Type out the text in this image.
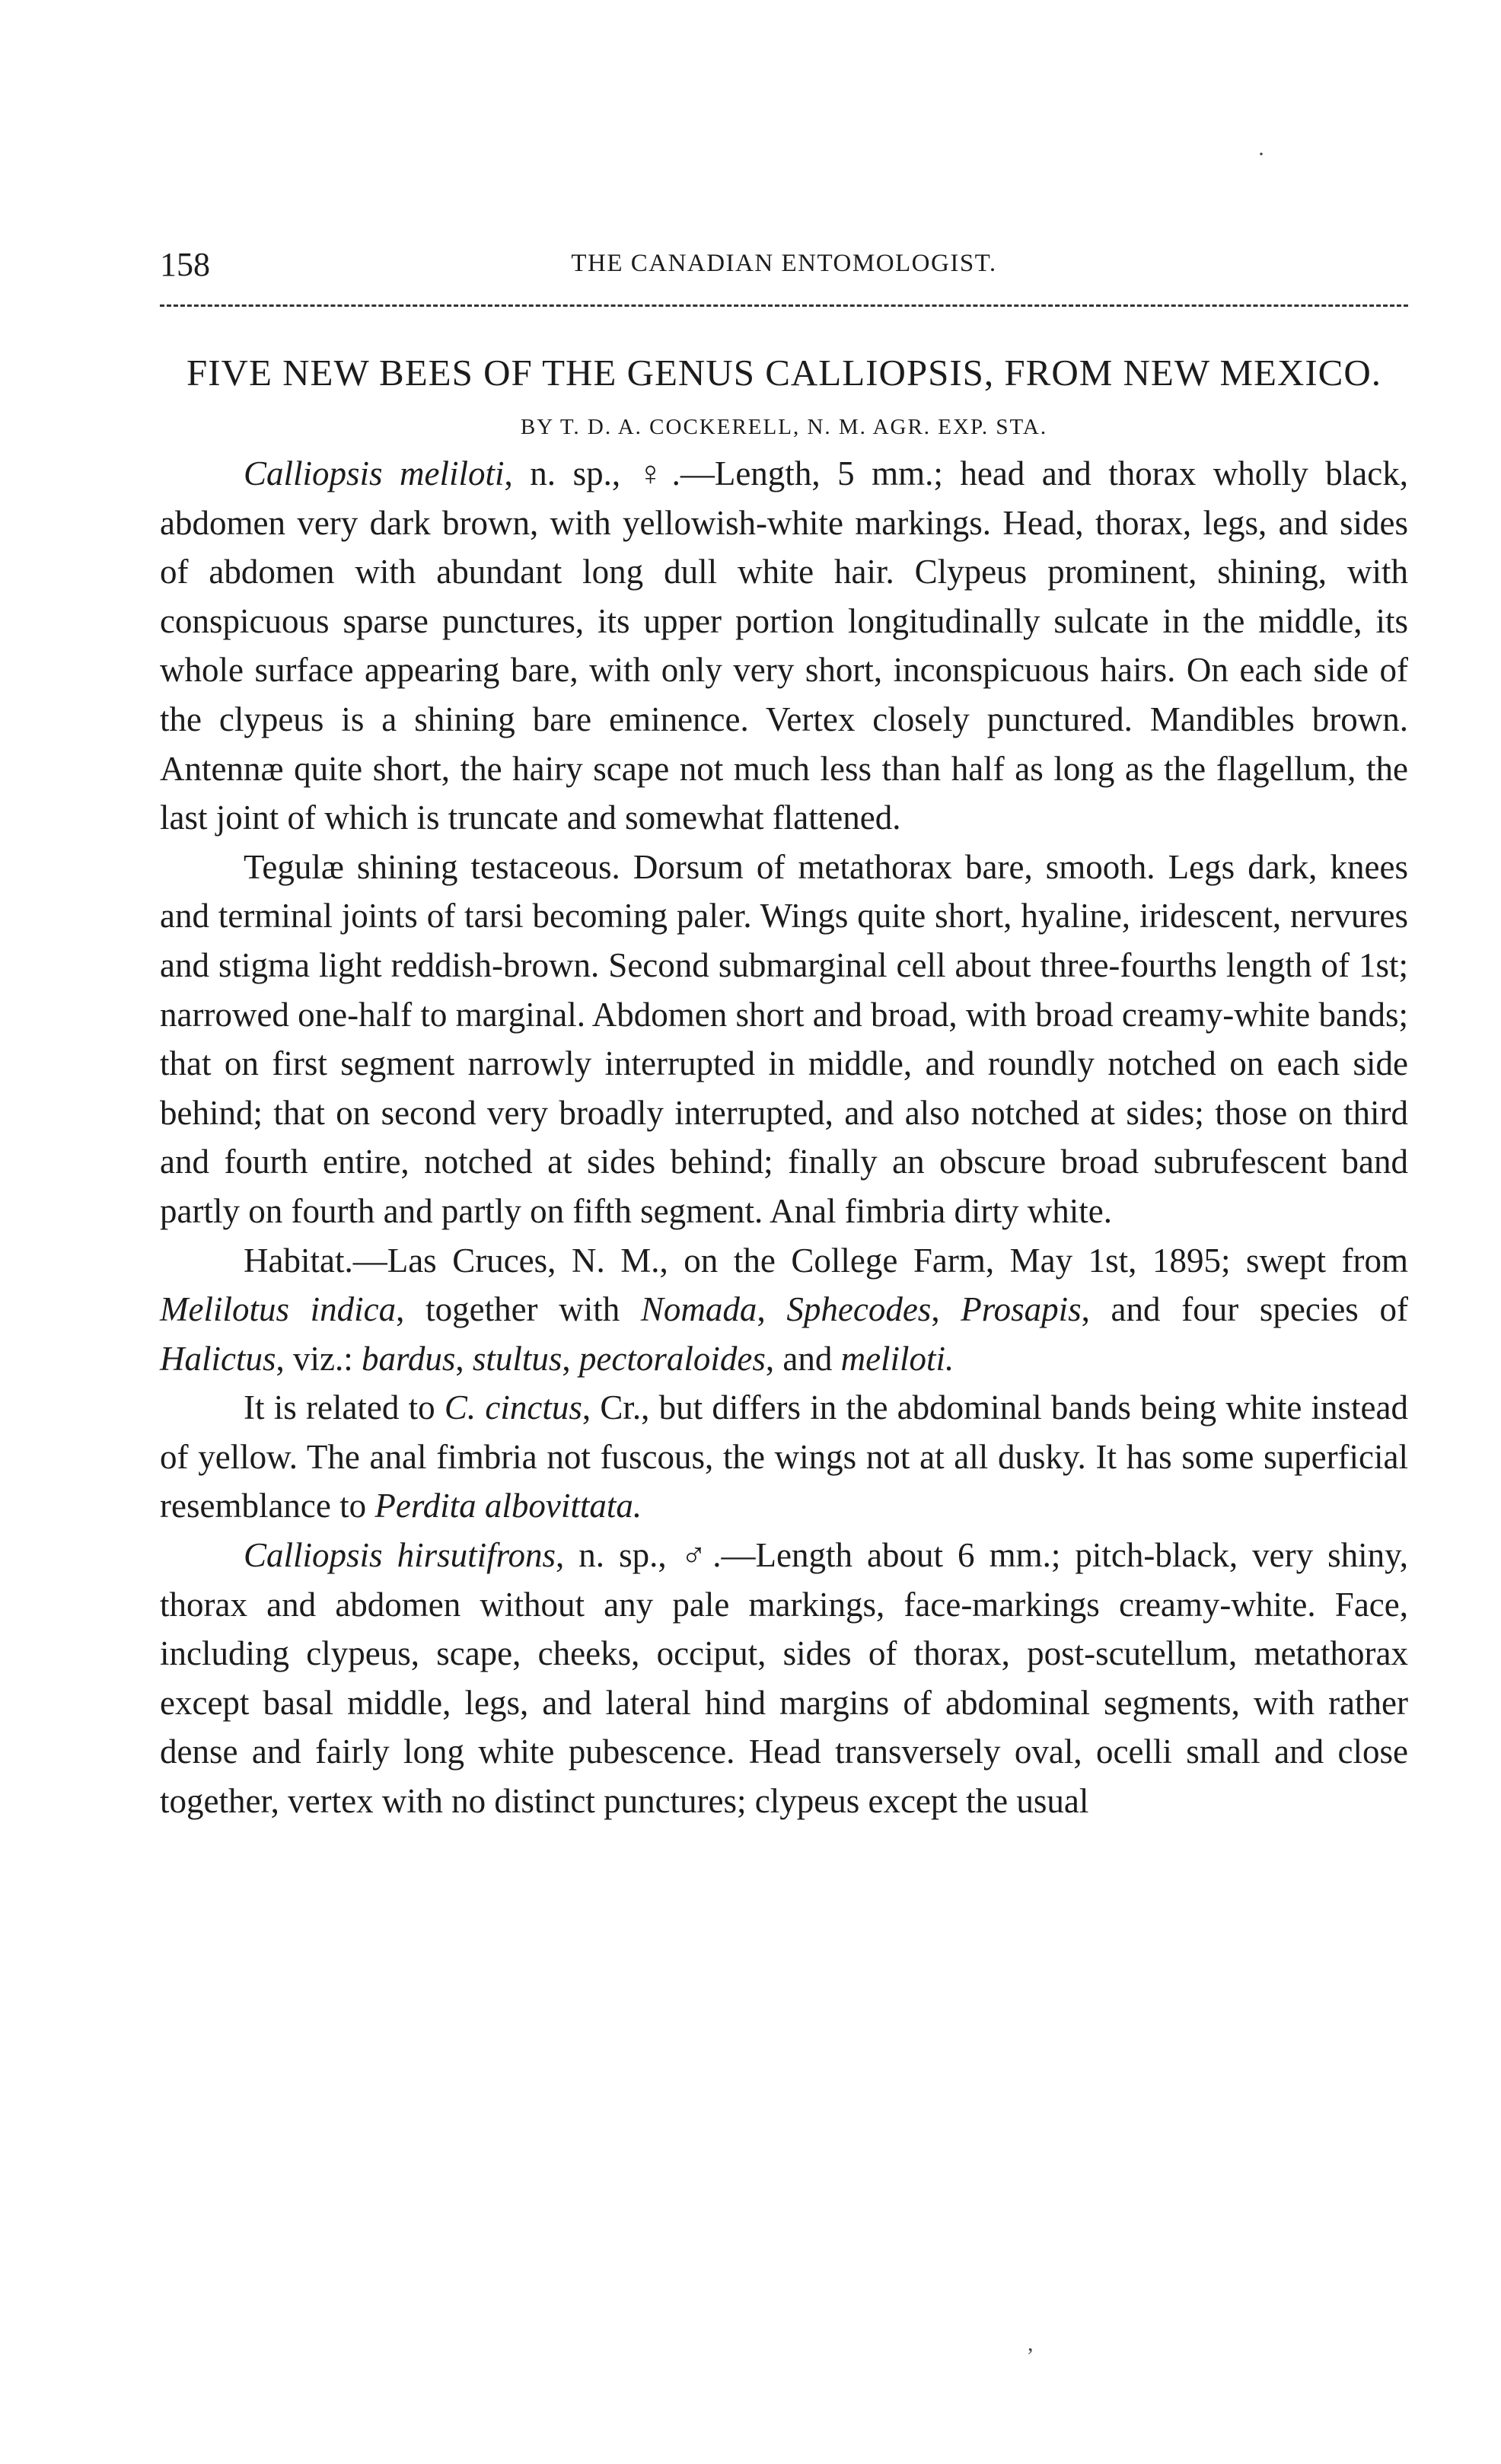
·
,
158	THE CANADIAN ENTOMOLOGIST.
FIVE NEW BEES OF THE GENUS CALLIOPSIS, FROM NEW MEXICO.
BY T. D. A. COCKERELL, N. M. AGR. EXP. STA.

Calliopsis meliloti, n. sp., ♀.—Length, 5 mm.; head and thorax wholly black, abdomen very dark brown, with yellowish-white markings. Head, thorax, legs, and sides of abdomen with abundant long dull white hair. Clypeus prominent, shining, with conspicuous sparse punctures, its upper portion longitudinally sulcate in the middle, its whole surface appearing bare, with only very short, inconspicuous hairs. On each side of the clypeus is a shining bare eminence. Vertex closely punctured. Mandibles brown. Antennæ quite short, the hairy scape not much less than half as long as the flagellum, the last joint of which is truncate and somewhat flattened.

Tegulæ shining testaceous. Dorsum of metathorax bare, smooth. Legs dark, knees and terminal joints of tarsi becoming paler. Wings quite short, hyaline, iridescent, nervures and stigma light reddish-brown. Second submarginal cell about three-fourths length of 1st; narrowed one-half to marginal. Abdomen short and broad, with broad creamy-white bands; that on first segment narrowly interrupted in middle, and roundly notched on each side behind; that on second very broadly interrupted, and also notched at sides; those on third and fourth entire, notched at sides behind; finally an obscure broad subrufescent band partly on fourth and partly on fifth segment. Anal fimbria dirty white.

Habitat.—Las Cruces, N. M., on the College Farm, May 1st, 1895; swept from Melilotus indica, together with Nomada, Sphecodes, Prosapis, and four species of Halictus, viz.: bardus, stultus, pectoraloides, and meliloti.

It is related to C. cinctus, Cr., but differs in the abdominal bands being white instead of yellow. The anal fimbria not fuscous, the wings not at all dusky. It has some superficial resemblance to Perdita albovittata.

Calliopsis hirsutifrons, n. sp., ♂.—Length about 6 mm.; pitch-black, very shiny, thorax and abdomen without any pale markings, face-markings creamy-white. Face, including clypeus, scape, cheeks, occiput, sides of thorax, post-scutellum, metathorax except basal middle, legs, and lateral hind margins of abdominal segments, with rather dense and fairly long white pubescence. Head transversely oval, ocelli small and close together, vertex with no distinct punctures; clypeus except the usual
